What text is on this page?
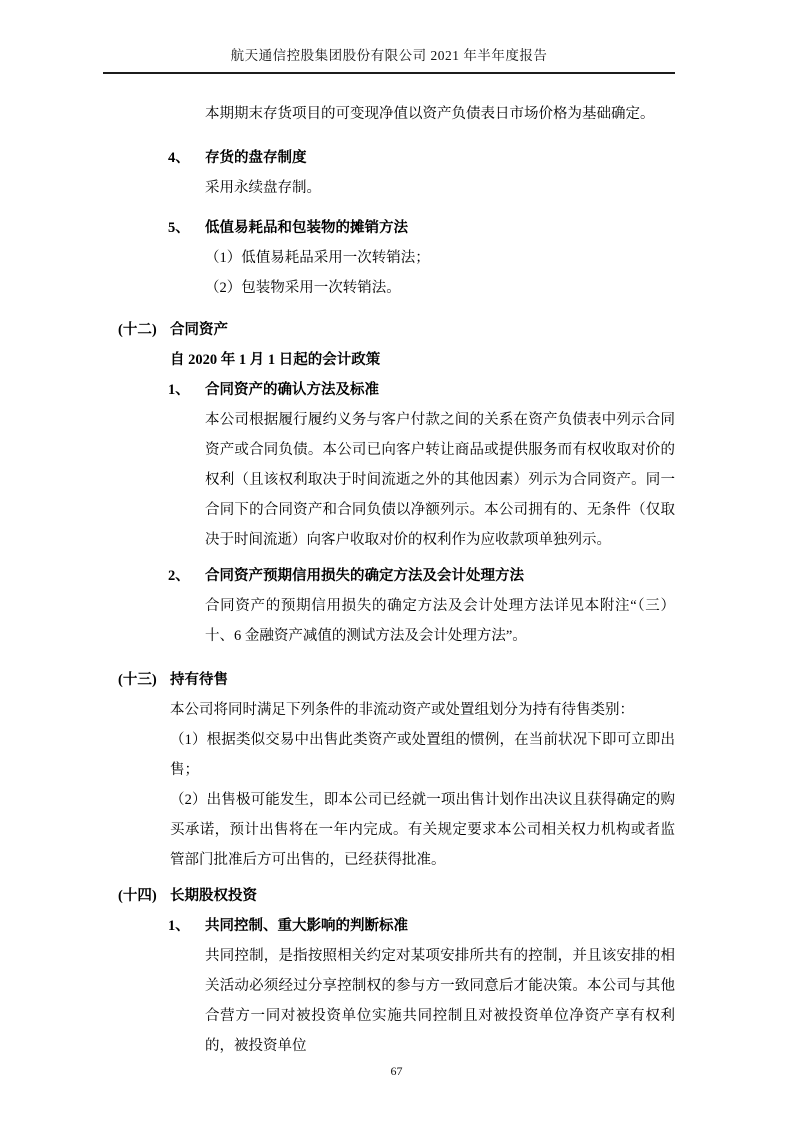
航天通信控股集团股份有限公司 2021 年半年度报告
本期期末存货项目的可变现净值以资产负债表日市场价格为基础确定。
4、	存货的盘存制度
采用永续盘存制。
5、	低值易耗品和包装物的摊销方法
（1）低值易耗品采用一次转销法；
（2）包装物采用一次转销法。
(十二) 合同资产
自 2020 年 1 月 1 日起的会计政策
1、	合同资产的确认方法及标准
本公司根据履行履约义务与客户付款之间的关系在资产负债表中列示合同资产或合同负债。本公司已向客户转让商品或提供服务而有权收取对价的权利（且该权利取决于时间流逝之外的其他因素）列示为合同资产。同一合同下的合同资产和合同负债以净额列示。本公司拥有的、无条件（仅取决于时间流逝）向客户收取对价的权利作为应收款项单独列示。
2、	合同资产预期信用损失的确定方法及会计处理方法
合同资产的预期信用损失的确定方法及会计处理方法详见本附注“（三）十、6 金融资产减值的测试方法及会计处理方法”。
(十三) 持有待售
本公司将同时满足下列条件的非流动资产或处置组划分为持有待售类别：
（1）根据类似交易中出售此类资产或处置组的惯例，在当前状况下即可立即出售；
（2）出售极可能发生，即本公司已经就一项出售计划作出决议且获得确定的购买承诺，预计出售将在一年内完成。有关规定要求本公司相关权力机构或者监管部门批准后方可出售的，已经获得批准。
(十四) 长期股权投资
1、	共同控制、重大影响的判断标准
共同控制，是指按照相关约定对某项安排所共有的控制，并且该安排的相关活动必须经过分享控制权的参与方一致同意后才能决策。本公司与其他合营方一同对被投资单位实施共同控制且对被投资单位净资产享有权利的，被投资单位
67
